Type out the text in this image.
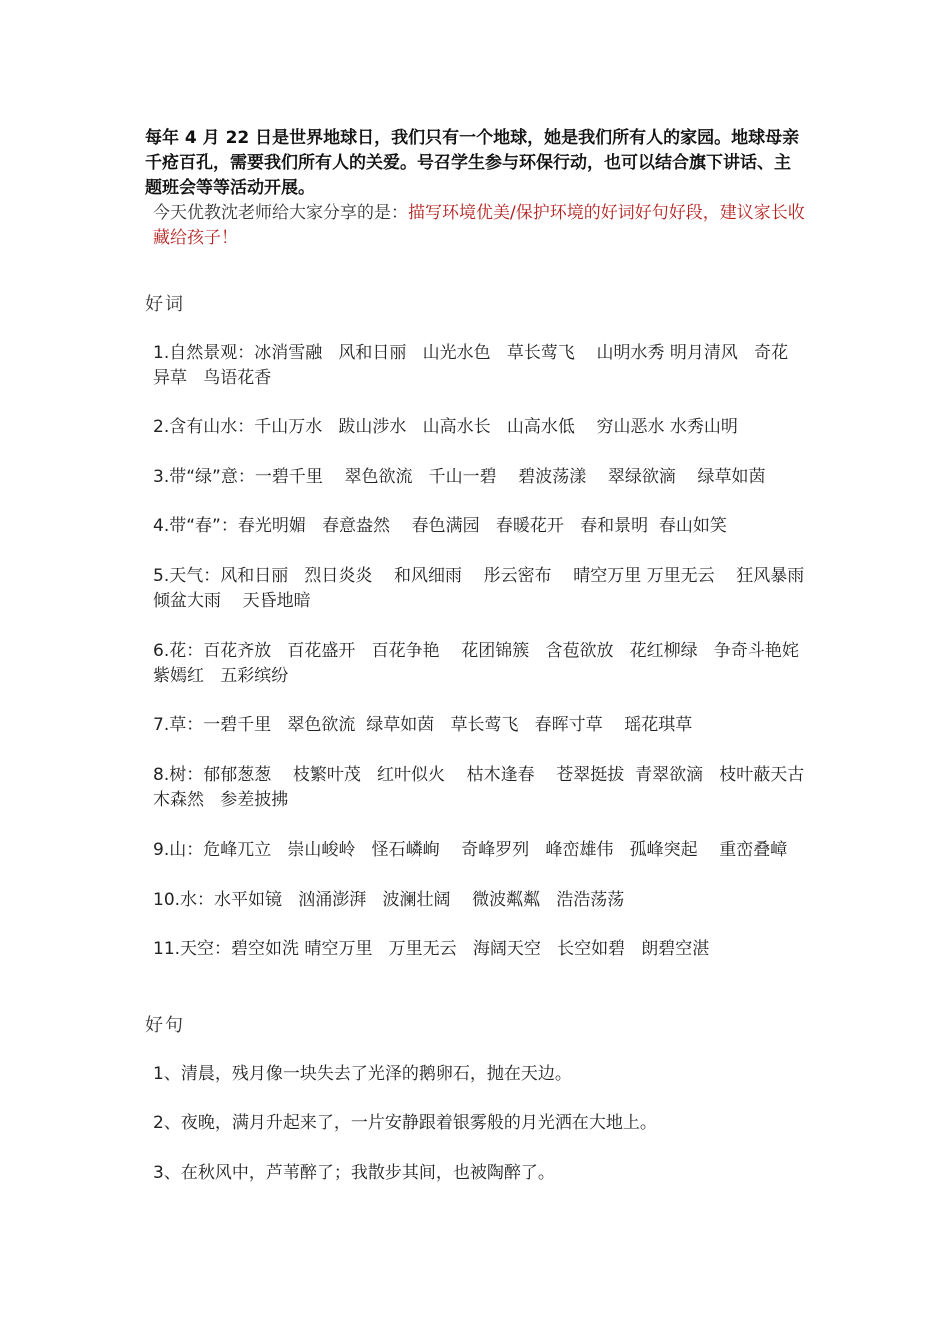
每年 4 月 22 日是世界地球日，我们只有一个地球，她是我们所有人的家园。地球母亲千疮百孔，需要我们所有人的关爱。号召学生参与环保行动，也可以结合旗下讲话、主题班会等等活动开展。

今天优教沈老师给大家分享的是：描写环境优美/保护环境的好词好句好段，建议家长收藏给孩子！

好词

1.自然景观：冰消雪融   风和日丽   山光水色   草长莺飞    山明水秀 明月清风   奇花异草   鸟语花香

2.含有山水：千山万水   跋山涉水   山高水长   山高水低    穷山恶水 水秀山明

3.带“绿”意：一碧千里    翠色欲流   千山一碧    碧波荡漾    翠绿欲滴    绿草如茵

4.带“春”：春光明媚   春意盎然    春色满园   春暖花开   春和景明  春山如笑

5.天气：风和日丽   烈日炎炎    和风细雨    彤云密布    晴空万里 万里无云    狂风暴雨    倾盆大雨    天昏地暗

6.花：百花齐放   百花盛开   百花争艳    花团锦簇   含苞欲放   花红柳绿   争奇斗艳姹紫嫣红   五彩缤纷

7.草：一碧千里   翠色欲流  绿草如茵   草长莺飞   春晖寸草    瑶花琪草

8.树：郁郁葱葱    枝繁叶茂   红叶似火    枯木逢春    苍翠挺拔  青翠欲滴   枝叶蔽天古木森然   参差披拂

9.山：危峰兀立   崇山峻岭   怪石嶙峋    奇峰罗列   峰峦雄伟   孤峰突起    重峦叠嶂

10.水：水平如镜   汹涌澎湃   波澜壮阔    微波粼粼   浩浩荡荡

11.天空：碧空如洗 晴空万里   万里无云   海阔天空   长空如碧   朗碧空湛

好句

1、清晨，残月像一块失去了光泽的鹅卵石，抛在天边。

2、夜晚，满月升起来了，一片安静跟着银雾般的月光洒在大地上。

3、在秋风中，芦苇醉了；我散步其间，也被陶醉了。
